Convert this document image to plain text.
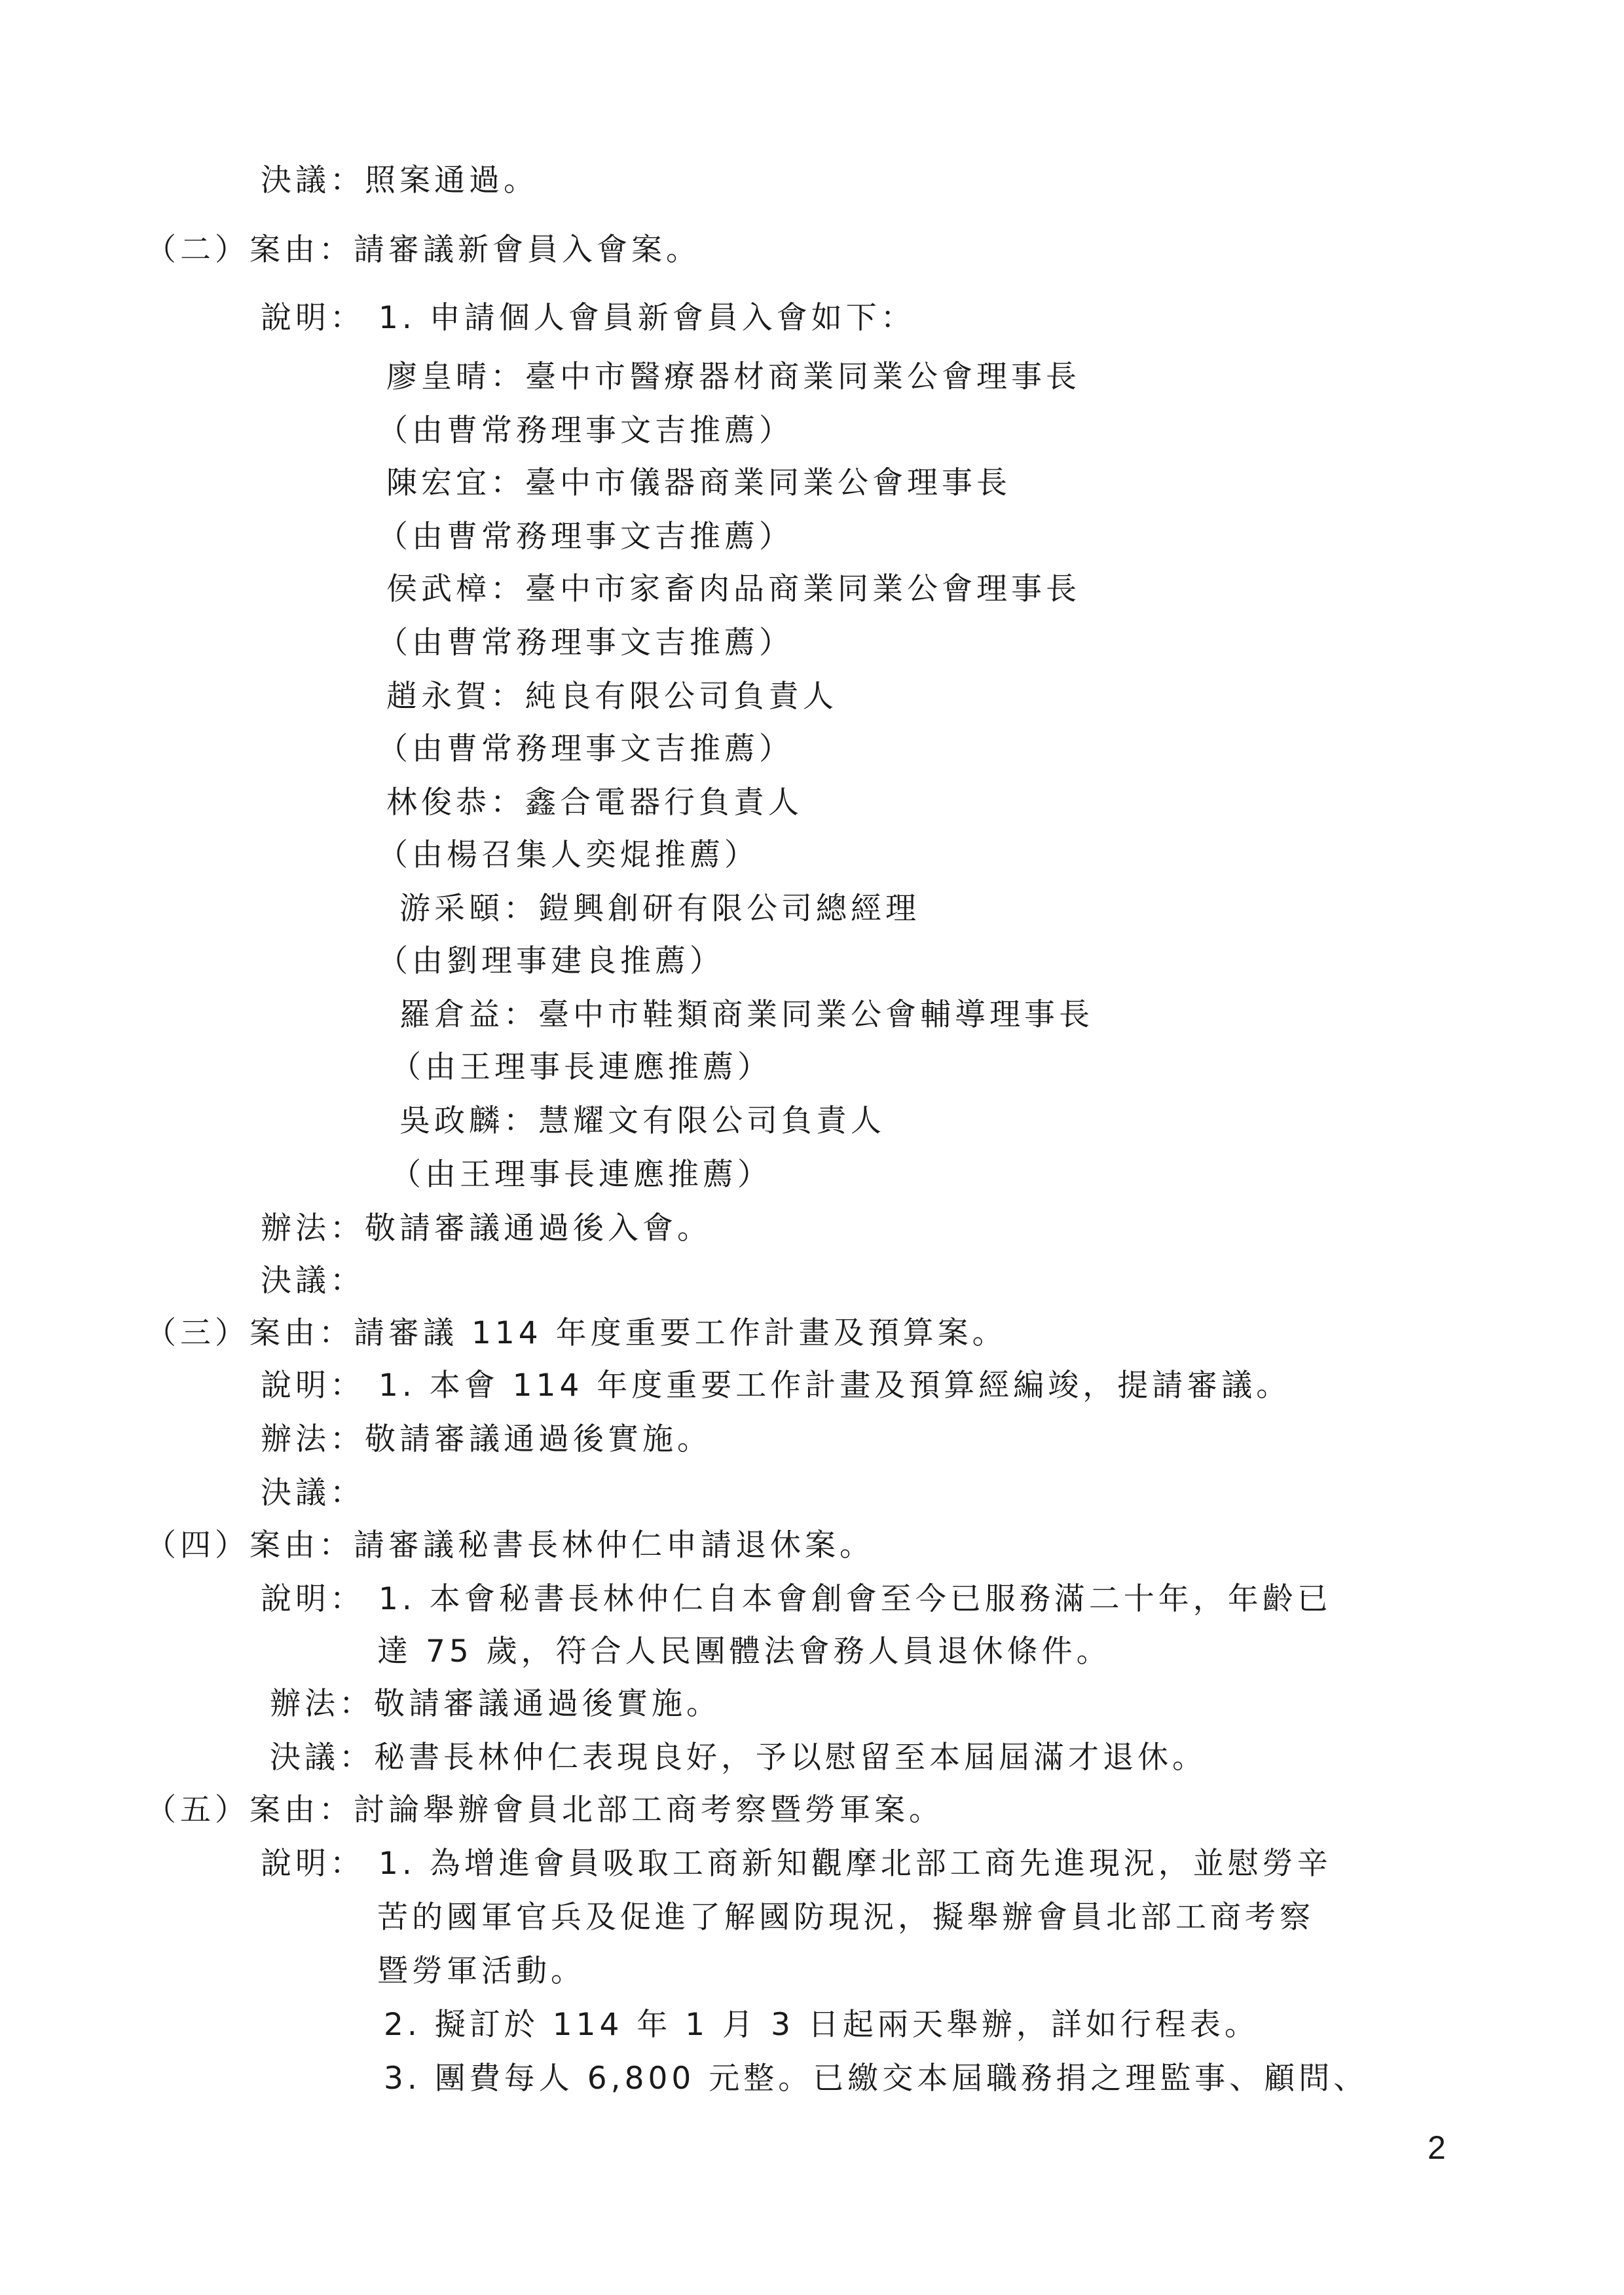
決議：照案通過。
（二）案由：請審議新會員入會案。
說明： 1. 申請個人會員新會員入會如下：
廖皇晴：臺中市醫療器材商業同業公會理事長
（由曹常務理事文吉推薦）
陳宏宜：臺中市儀器商業同業公會理事長
（由曹常務理事文吉推薦）
侯武樟：臺中市家畜肉品商業同業公會理事長
（由曹常務理事文吉推薦）
趙永賀：純良有限公司負責人
（由曹常務理事文吉推薦）
林俊恭：鑫合電器行負責人
（由楊召集人奕焜推薦）
游采頤：鎧興創研有限公司總經理
（由劉理事建良推薦）
羅倉益：臺中市鞋類商業同業公會輔導理事長
（由王理事長連應推薦）
吳政麟：慧耀文有限公司負責人
（由王理事長連應推薦）
辦法：敬請審議通過後入會。
決議：
（三）案由：請審議 114 年度重要工作計畫及預算案。
說明： 1. 本會 114 年度重要工作計畫及預算經編竣，提請審議。
辦法：敬請審議通過後實施。
決議：
（四）案由：請審議秘書長林仲仁申請退休案。
說明： 1. 本會秘書長林仲仁自本會創會至今已服務滿二十年，年齡已
達 75 歲，符合人民團體法會務人員退休條件。
辦法：敬請審議通過後實施。
決議：秘書長林仲仁表現良好，予以慰留至本屆屆滿才退休。
（五）案由：討論舉辦會員北部工商考察暨勞軍案。
說明： 1. 為增進會員吸取工商新知觀摩北部工商先進現況，並慰勞辛
苦的國軍官兵及促進了解國防現況，擬舉辦會員北部工商考察
暨勞軍活動。
2. 擬訂於 114 年 1 月 3 日起兩天舉辦，詳如行程表。
3. 團費每人 6,800 元整。已繳交本屆職務捐之理監事、顧問、
2
